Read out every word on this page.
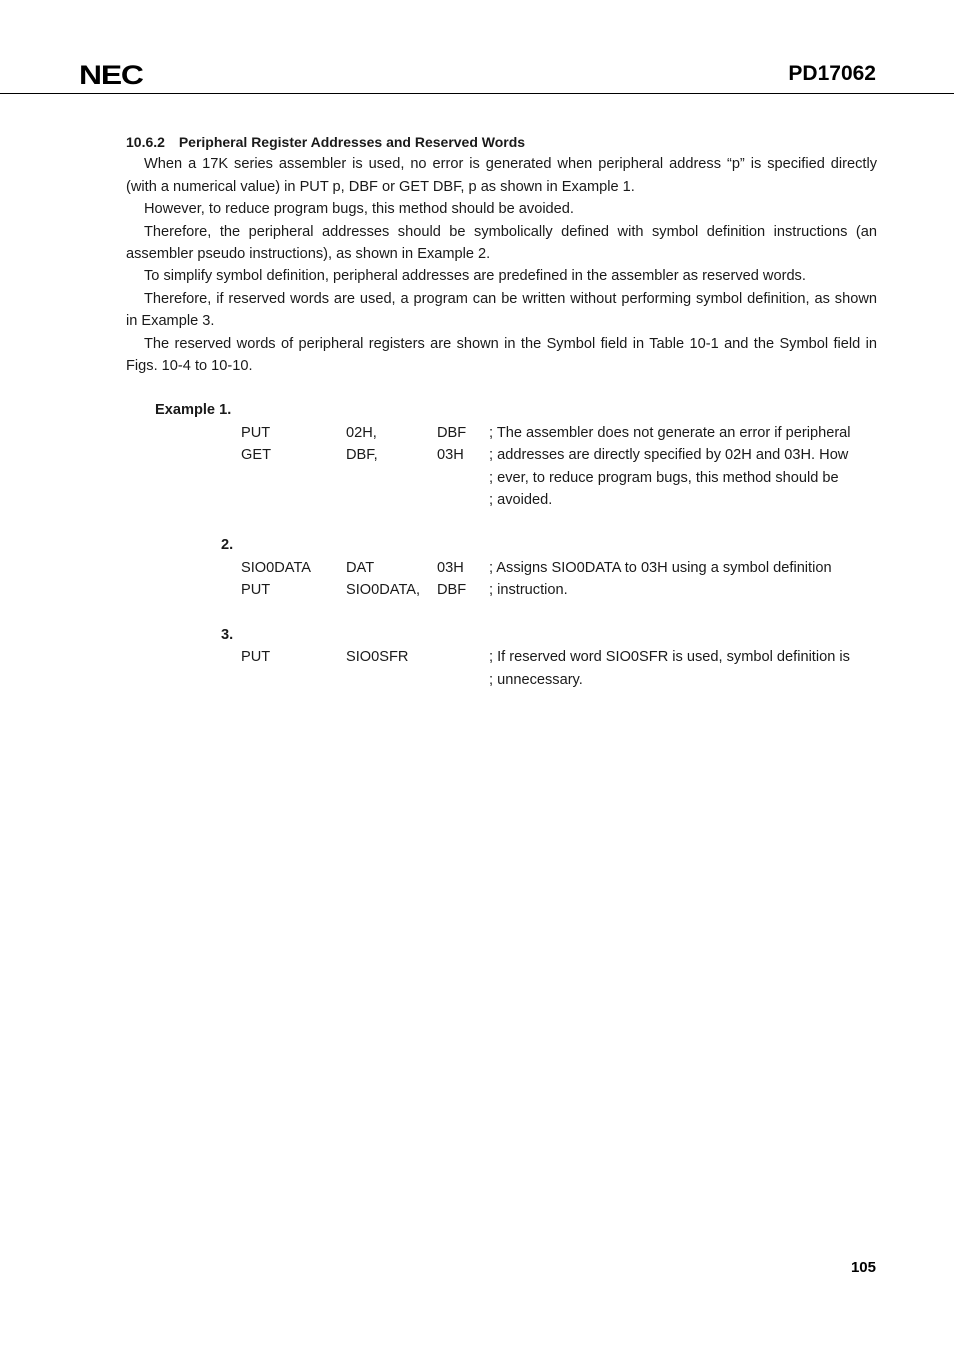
NEC	PD17062
10.6.2 Peripheral Register Addresses and Reserved Words

When a 17K series assembler is used, no error is generated when peripheral address “p” is specified directly (with a numerical value) in PUT p, DBF or GET DBF, p as shown in Example 1.

However, to reduce program bugs, this method should be avoided.

Therefore, the peripheral addresses should be symbolically defined with symbol definition instructions (an assembler pseudo instructions), as shown in Example 2.

To simplify symbol definition, peripheral addresses are predefined in the assembler as reserved words.

Therefore, if reserved words are used, a program can be written without performing symbol definition, as shown in Example 3.

The reserved words of peripheral registers are shown in the Symbol field in Table 10-1 and the Symbol field in Figs. 10-4 to 10-10.

Example 1.
PUT	02H,	DBF ; The assembler does not generate an error if peripheral
GET	DBF,	03H ; addresses are directly specified by 02H and 03H. How
; ever, to reduce program bugs, this method should be
; avoided.
2.
SIO0DATA DAT	03H ; Assigns SIO0DATA to 03H using a symbol definition
PUT	SIO0DATA, DBF ; instruction.
3.
PUT	SIO0SFR	; If reserved word SIO0SFR is used, symbol definition is
; unnecessary.
105
